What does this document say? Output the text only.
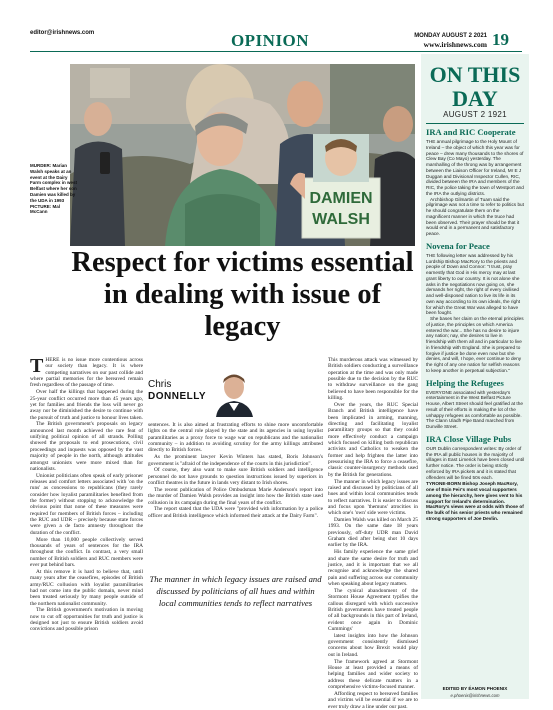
editor@irishnews.com	OPINION	MONDAY AUGUST 2 2021
www.irishnews.com 19
DAMIEN
WALSH
MURDER: Marian Walsh speaks at an event at the Dairy Farm complex in west Belfast where her son Damien was killed by the UDA in 1993 PICTURE: Mal McCann
Respect for victims essential in dealing with issue of legacy

THERE is no issue more contentious across our society than legacy. It is where competing narratives on our past collide and where partial memories for the bereaved remain fresh regardless of the passage of time.

Over half the killings that happened during the 25-year conflict occurred more than 45 years ago, yet for families and friends the loss will never go away nor be diminished the desire to continue with the pursuit of truth and justice to honour lives taken.

The British government's proposals on legacy announced last month achieved the rare feat of unifying political opinion of all strands. Polling showed the proposals to end prosecutions, civil proceedings and inquests was opposed by the vast majority of people in the north, although attitudes amongst unionists were more mixed than for nationalists.

Unionist politicians often speak of early prisoner releases and comfort letters associated with 'on the runs' as concessions to republicans (they rarely consider how loyalist paramilitaries benefited from the former) without stopping to acknowledge the obvious point that none of these measures were required for members of British forces – including the RUC and UDR – precisely because state forces were given a de facto amnesty throughout the duration of the conflict.

More than 10,000 people collectively served thousands of years of sentences for the IRA throughout the conflict. In contrast, a very small number of British soldiers and RUC members were ever put behind bars.

At this remove it is hard to believe that, until many years after the ceasefires, episodes of British army/RUC collusion with loyalist paramilitaries had not come into the public domain, never mind been treated seriously by many people outside of the northern nationalist community.

The British government's motivation in moving now to cut off opportunities for truth and justice is designed not just to ensure British soldiers avoid convictions and possible prison

Chris
DONNELLY

sentences. It is also aimed at frustrating efforts to shine more uncomfortable lights on the central role played by the state and its agencies in using loyalist paramilitaries as a proxy force to wage war on republicans and the nationalist community – in addition to avoiding scrutiny for the army killings attributed directly to British forces.

As the prominent lawyer Kevin Winters has stated, Boris Johnson's government is "afraid of the independence of the courts in this jurisdiction".

Of course, they also want to make sure British soldiers and intelligence personnel do not have grounds to question instructions issued by superiors in conflict theatres in the future in lands very distant to Irish shores.

The recent publication of Police Ombudsman Marie Anderson's report into the murder of Damien Walsh provides an insight into how the British state used collusion in its campaign during the final years of the conflict.

The report stated that the UDA were "provided with information by a police officer and British intelligence which informed their attack at the Dairy Farm".

The manner in which legacy issues are raised and discussed by politicians of all hues and within local communities tends to reflect narratives

This murderous attack was witnessed by British soldiers conducting a surveillance operation at the time and was only made possible due to the decision by the RUC to withdraw surveillance on the gang believed to have been responsible for the killing.

Over the years, the RUC Special Branch and British intelligence have been implicated in arming, manning, directing and facilitating loyalist paramilitary groups so that they could more effectively conduct a campaign which focused on killing both republican activists and Catholics to weaken the former and help frighten the latter into pressurising the IRA to force a ceasefire, classic counter-insurgency methods used by the British for generations.

The manner in which legacy issues are raised and discussed by politicians of all hues and within local communities tends to reflect narratives. It is easier to discuss and focus upon 'themuns' atrocities in which one's 'own' side were victims.

Damien Walsh was killed on March 25 1993. On the same date 18 years previously, off-duty UDR man David Graham died after being shot 10 days earlier by the IRA.

His family experience the same grief and share the same desire for truth and justice, and it is important that we all recognise and acknowledge the shared pain and suffering across our community when speaking about legacy matters.

The cynical abandonment of the Stormont House Agreement typifies the callous disregard with which successive British governments have treated people of all backgrounds in this part of Ireland, evident once again in Dominic Cummings'

latest insights into how the Johnson government consistently dismissed concerns about how Brexit would play out in Ireland.

The framework agreed at Stormont House at least provided a means of helping families and wider society to address these delicate matters in a comprehensive victims-focused manner.

Affording respect to bereaved families and victims will be essential if we are to ever truly draw a line under our past.

ON THIS
DAY
AUGUST 2 1921
IRA and RIC Cooperate

THE annual pilgrimage to the Holy Mount of Ireland – the object of which this year was for peace – drew many thousands to the shores of Clew Bay (Co Mayo) yesterday. The marshalling of the throng was by arrangement between the Liaison Officer for Ireland, Mr E J Duggan and Divisional Inspector Cullen, RIC, divided between the IRA and members of the RIC, the police taking the town of Westport and the IRA the outlying districts.

Archbishop Gilmartin of Tuam said the pilgrimage was not a time to refer to politics but he should congratulate them on the magnificent manner in which the truce had been observed. Their prayer should be that it would end in a permanent and satisfactory peace.

Novena for Peace

THE following letter was addressed by his Lordship Bishop MacRory to the priests and people of Down and Connor: "I trust, pray earnestly that God in His mercy may at last grant liberty to our country. It is not alone she asks in the negotiations now going on, she demands her right, the right of every civilised and well-disposed nation to live its life in its own way according to its own ideals, the right for which the Great War was alleged to have been fought.

She bases her claim on the eternal principles of justice, the principles on which America entered the war... She has no desire to injure any nation; nay, she desires to live in friendship with them all and in particular to live in friendship with England. She is prepared to forgive if justice be done even now but she denies, and will, I hope, ever continue to deny the right of any one nation for selfish reasons to keep another in perpetual subjection."

Helping the Refugees

EVERYONE associated with yesterday's entertainment in the West Belfast Picture House, Albert Street should feel gratified at the result of their efforts in making the lot of the unhappy refugees as comfortable as possible. The Clann Uladh Pipe Band marched from Dunville Street.

IRA Close Village Pubs

OUR Dublin correspondent writes: By order of the IRA all public houses in the majority of villages in East Limerick have been closed until further notice. The order is being strictly enforced by IRA pickets and it is stated that offenders will be fined 50s each.

TYRONE-BORN Bishop Joseph MacRory, one of Eoin Feir's most vocal supporters among the hierarchy, here gives vent to his support for Ireland's determination. MacRory's views were at odds with those of the bulk of his senior priests who remained strong supporters of Joe Devlin.

EDITED BY ÉAMON PHOENIX
e.phoenix@irishnews.com
